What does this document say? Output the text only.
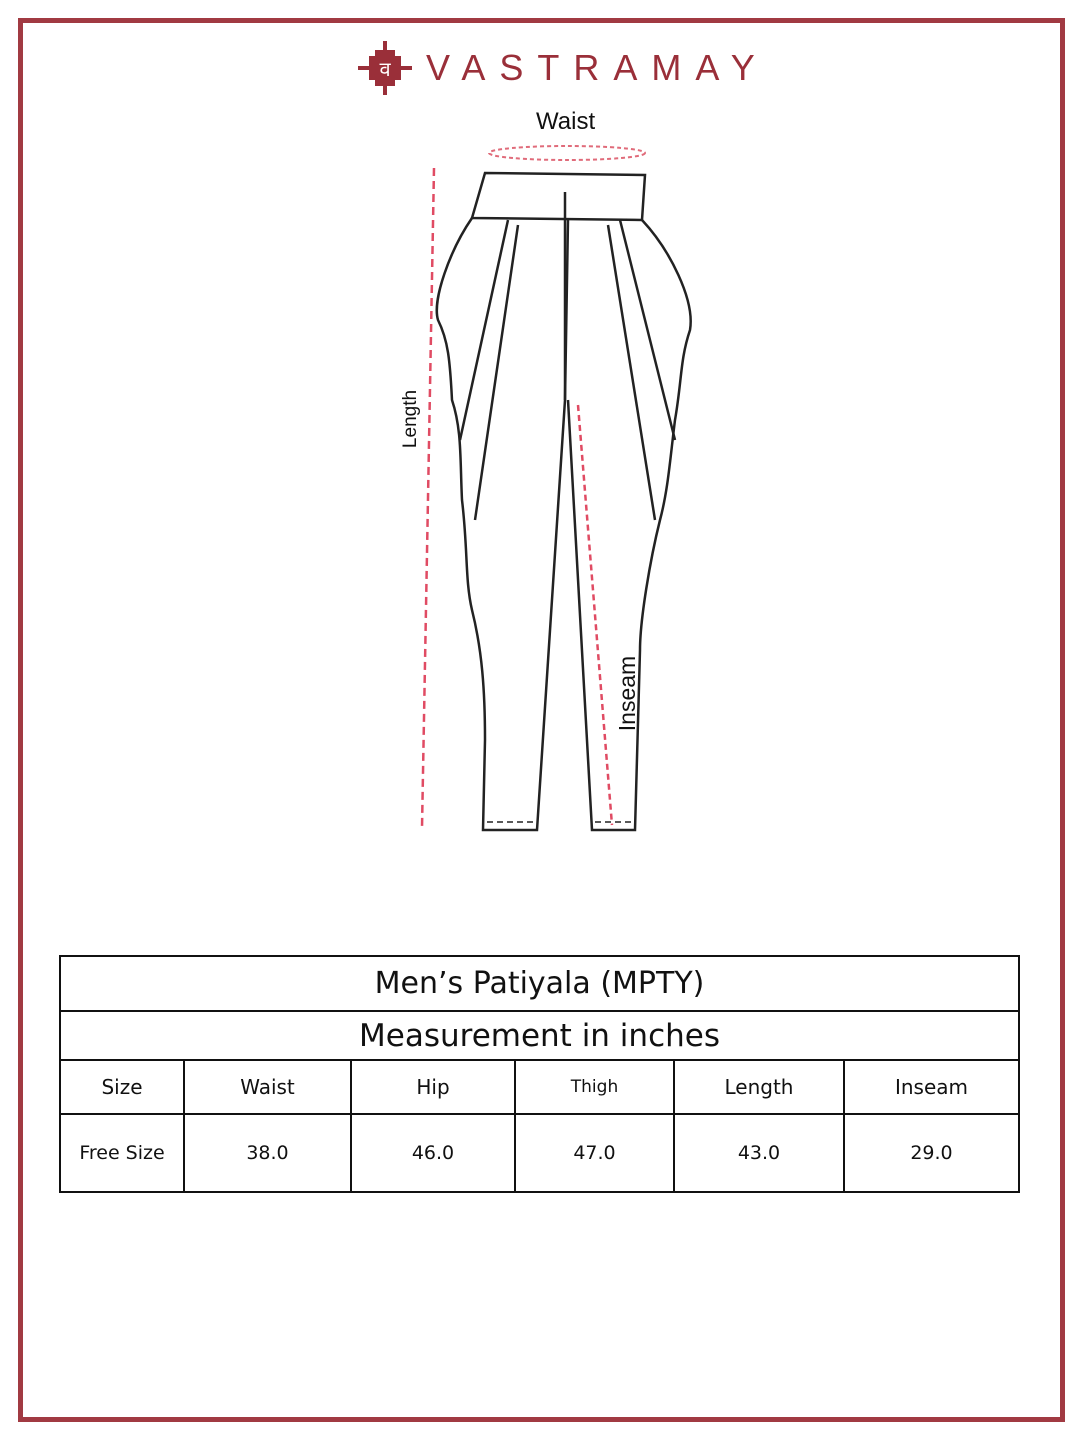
व VASTRAMAY
Waist
Length
Inseam
Men’s Patiyala (MPTY)					
Measurement in inches					
Size	Waist	Hip	Thigh	Length	Inseam
Free Size	38.0	46.0	47.0	43.0	29.0
